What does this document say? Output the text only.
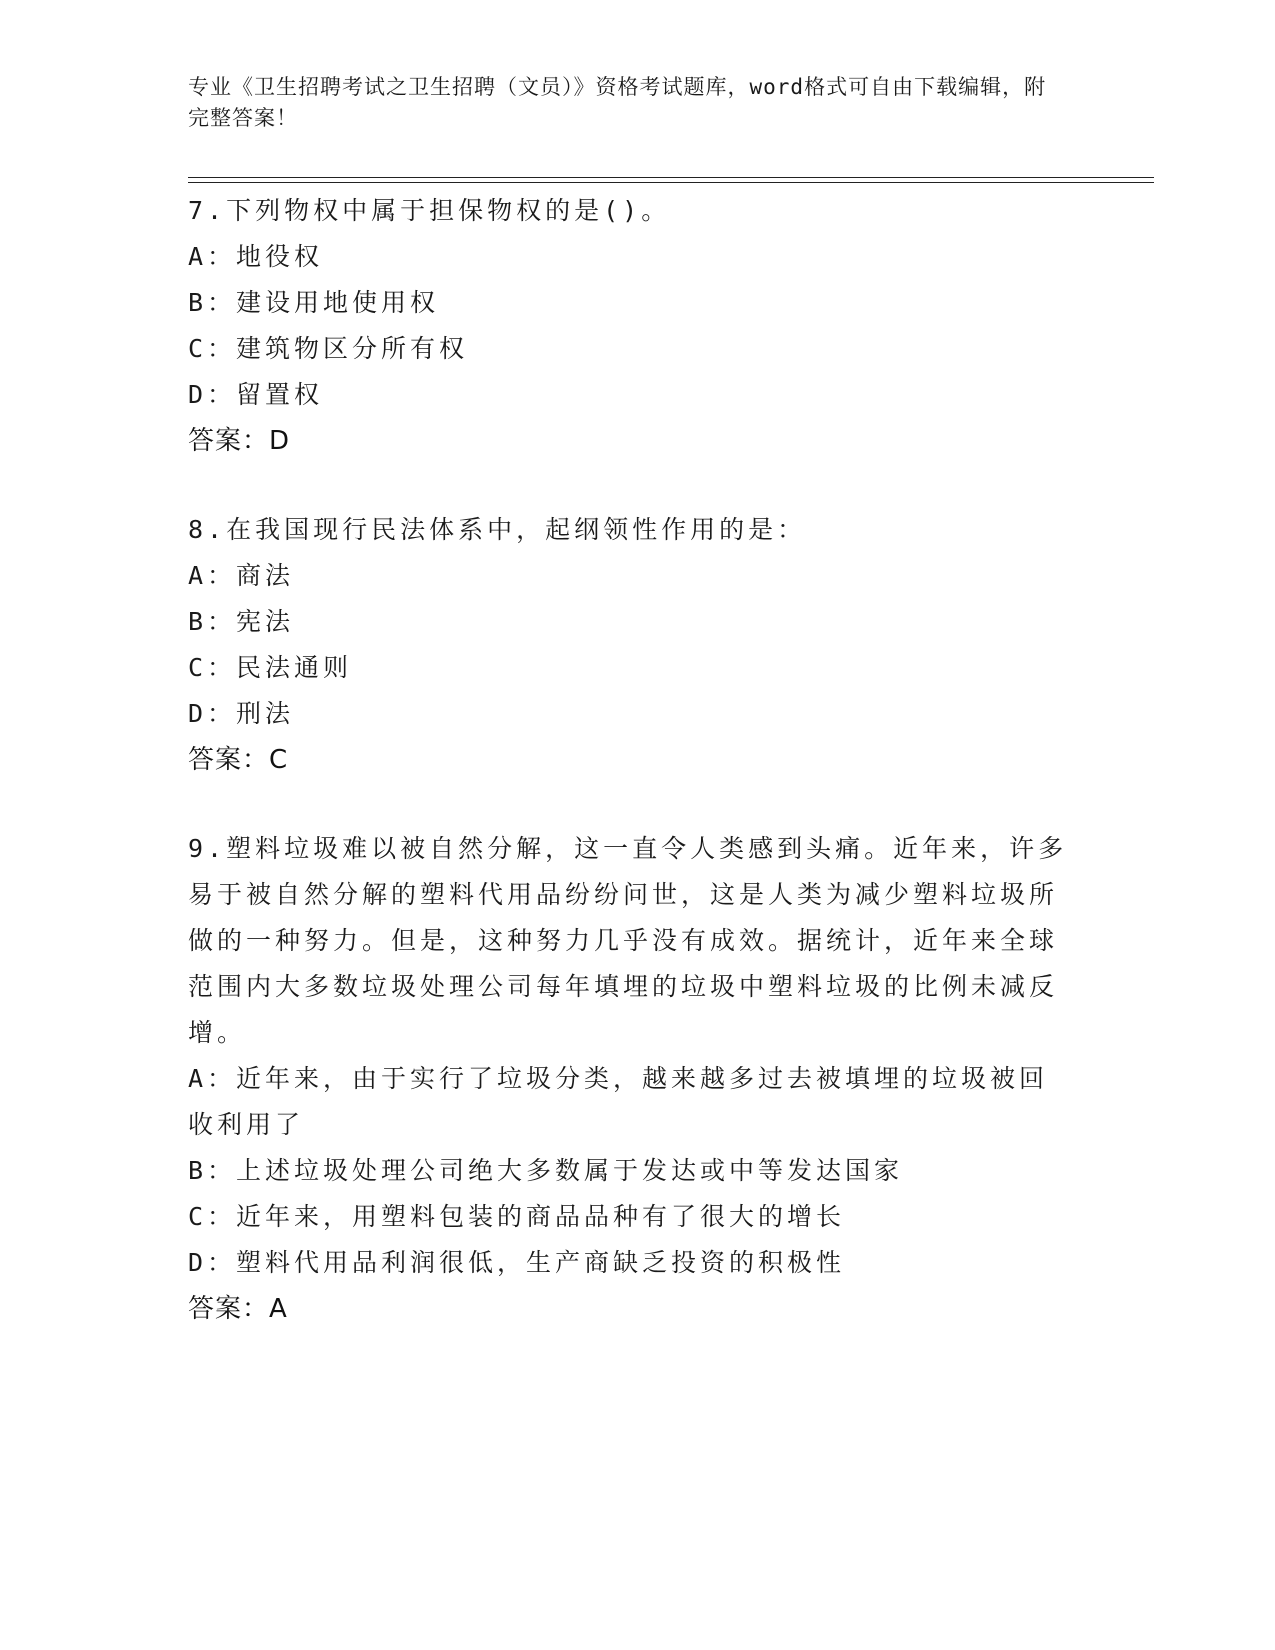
专业《卫生招聘考试之卫生招聘（文员）》资格考试题库，word格式可自由下载编辑，附完整答案！
7.下列物权中属于担保物权的是()。
A：地役权
B：建设用地使用权
C：建筑物区分所有权
D：留置权
答案：D
8.在我国现行民法体系中，起纲领性作用的是：
A：商法
B：宪法
C：民法通则
D：刑法
答案：C
9.塑料垃圾难以被自然分解，这一直令人类感到头痛。近年来，许多易于被自然分解的塑料代用品纷纷问世，这是人类为减少塑料垃圾所做的一种努力。但是，这种努力几乎没有成效。据统计，近年来全球范围内大多数垃圾处理公司每年填埋的垃圾中塑料垃圾的比例未减反增。
A：近年来，由于实行了垃圾分类，越来越多过去被填埋的垃圾被回收利用了
B：上述垃圾处理公司绝大多数属于发达或中等发达国家
C：近年来，用塑料包装的商品品种有了很大的增长
D：塑料代用品利润很低，生产商缺乏投资的积极性
答案：A
